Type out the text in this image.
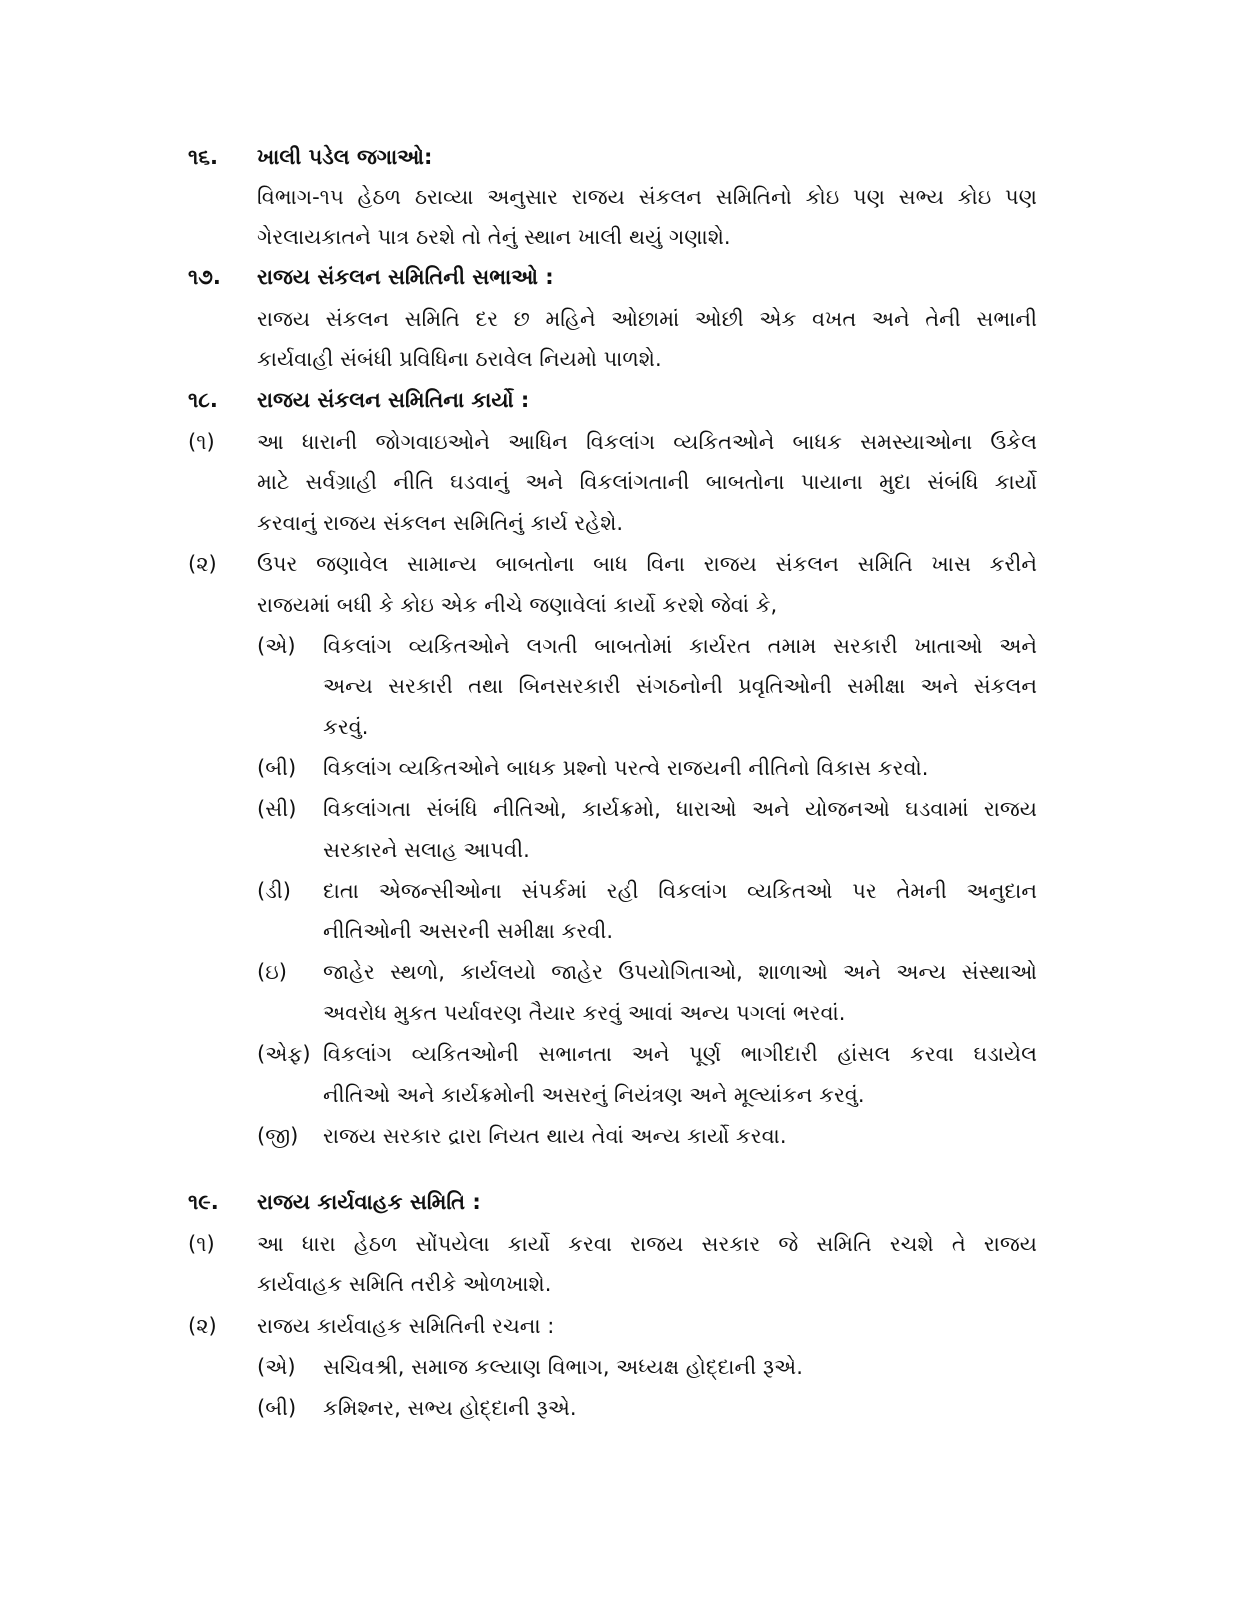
૧૬.	ખાલી પડેલ જગાઓ:
વિભાગ-૧૫ હેઠળ ઠરાવ્યા અનુસાર રાજય સંકલન સમિતિનો કોઇ પણ સભ્ય કોઇ પણ
ગેરલાયકાતને પાત્ર ઠરશે તો તેનું સ્થાન ખાલી થયું ગણાશે.
૧૭.	રાજય સંકલન સમિતિની સભાઓ :
રાજય સંકલન સમિતિ દર છ મહિને ઓછામાં ઓછી એક વખત અને તેની સભાની
કાર્યવાહી સંબંધી પ્રવિધિના ઠરાવેલ નિયમો પાળશે.
૧૮.	રાજય સંકલન સમિતિના કાર્યો :
(૧)	આ ધારાની જોગવાઇઓને આધિન વિકલાંગ વ્યકિતઓને બાધક સમસ્યાઓના ઉકેલ
માટે સર્વગ્રાહી નીતિ ઘડવાનું અને વિકલાંગતાની બાબતોના પાયાના મુદા સંબંધિ કાર્યો
કરવાનું રાજય સંકલન સમિતિનું કાર્ય રહેશે.
(૨)	ઉપર જણાવેલ સામાન્ય બાબતોના બાધ વિના રાજય સંકલન સમિતિ ખાસ કરીને
રાજયમાં બધી કે કોઇ એક નીચે જણાવેલાં કાર્યો કરશે જેવાં કે,
(એ)	વિકલાંગ વ્યકિતઓને લગતી બાબતોમાં કાર્યરત તમામ સરકારી ખાતાઓ અને
અન્ય સરકારી તથા બિનસરકારી સંગઠનોની પ્રવૃતિઓની સમીક્ષા અને સંકલન
કરવું.
(બી)	વિકલાંગ વ્યકિતઓને બાધક પ્રશ્નો પરત્વે રાજયની નીતિનો વિકાસ કરવો.
(સી)	વિકલાંગતા સંબંધિ નીતિઓ, કાર્યક્રમો, ધારાઓ અને યોજનઓ ઘડવામાં રાજય
સરકારને સલાહ આપવી.
(ડી)	દાતા એજન્સીઓના સંપર્કમાં રહી વિકલાંગ વ્યકિતઓ પર તેમની અનુદાન
નીતિઓની અસરની સમીક્ષા કરવી.
(ઇ)	જાહેર સ્થળો, કાર્યલયો જાહેર ઉપયોગિતાઓ, શાળાઓ અને અન્ય સંસ્થાઓ
અવરોધ મુકત પર્યાવરણ તૈયાર કરવું આવાં અન્ય પગલાં ભરવાં.
(એફ) વિકલાંગ વ્યકિતઓની સભાનતા અને પૂર્ણ ભાગીદારી હાંસલ કરવા ઘડાયેલ
નીતિઓ અને કાર્યક્રમોની અસરનું નિયંત્રણ અને મૂલ્યાંકન કરવું.
(જી)	રાજય સરકાર દ્રારા નિયત થાય તેવાં અન્ય કાર્યો કરવા.
૧૯.	રાજય કાર્યવાહક સમિતિ :
(૧)	આ ધારા હેઠળ સોંપયેલા કાર્યો કરવા રાજય સરકાર જે સમિતિ રચશે તે રાજય
કાર્યવાહક સમિતિ તરીકે ઓળખાશે.
(૨)	રાજય કાર્યવાહક સમિતિની રચના :
(એ)	સચિવશ્રી, સમાજ કલ્યાણ વિભાગ, અધ્યક્ષ હોદ્દાની રૂએ.
(બી)	કમિશ્નર, સભ્ય હોદ્દાની રૂએ.
